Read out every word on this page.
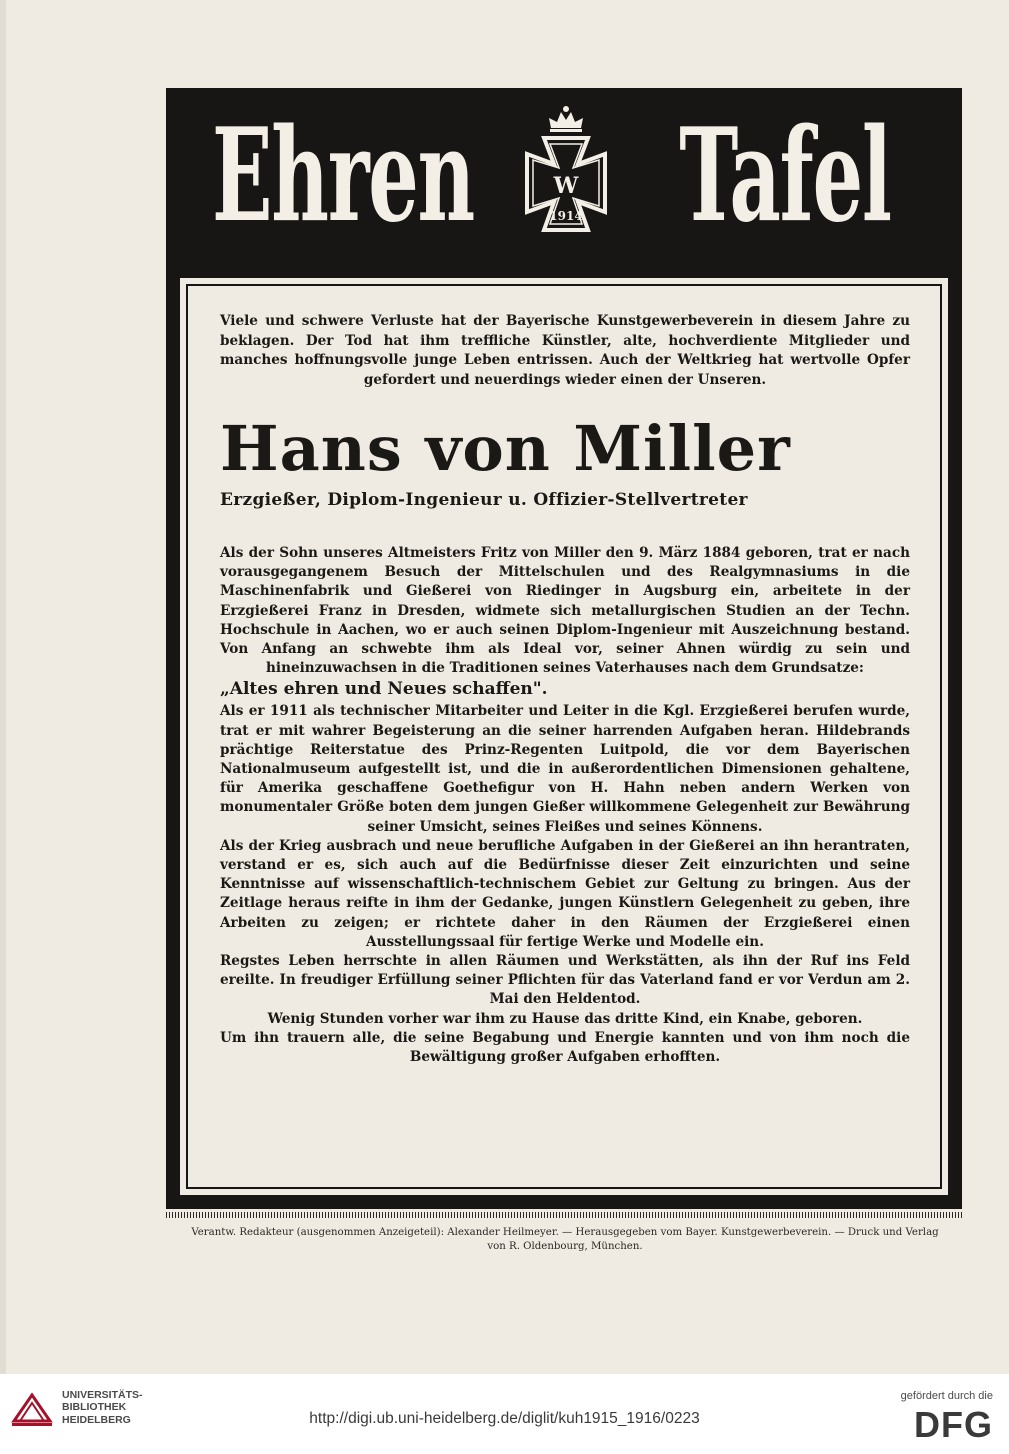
Ehren	W
1914 Tafel

Viele und schwere Verluste hat der Bayerische Kunstgewerbeverein in diesem Jahre zu beklagen. Der Tod hat ihm treffliche Künstler, alte, hochverdiente Mitglieder und manches hoffnungsvolle junge Leben entrissen. Auch der Weltkrieg hat wertvolle Opfer gefordert und neuerdings wieder einen der Unseren.

Hans von Miller
Erzgießer, Diplom-Ingenieur u. Offizier-Stellvertreter

Als der Sohn unseres Altmeisters Fritz von Miller den 9. März 1884 geboren, trat er nach vorausgegangenem Besuch der Mittelschulen und des Realgymnasiums in die Maschinenfabrik und Gießerei von Riedinger in Augsburg ein, arbeitete in der Erzgießerei Franz in Dresden, widmete sich metallurgischen Studien an der Techn. Hochschule in Aachen, wo er auch seinen Diplom-Ingenieur mit Auszeichnung bestand. Von Anfang an schwebte ihm als Ideal vor, seiner Ahnen würdig zu sein und hineinzuwachsen in die Traditionen seines Vaterhauses nach dem Grundsatze:

„Altes ehren und Neues schaffen".

Als er 1911 als technischer Mitarbeiter und Leiter in die Kgl. Erzgießerei berufen wurde, trat er mit wahrer Begeisterung an die seiner harrenden Aufgaben heran. Hildebrands prächtige Reiterstatue des Prinz-Regenten Luitpold, die vor dem Bayerischen Nationalmuseum aufgestellt ist, und die in außerordentlichen Dimensionen gehaltene, für Amerika geschaffene Goethefigur von H. Hahn neben andern Werken von monumentaler Größe boten dem jungen Gießer willkommene Gelegenheit zur Bewährung seiner Umsicht, seines Fleißes und seines Könnens.

Als der Krieg ausbrach und neue berufliche Aufgaben in der Gießerei an ihn herantraten, verstand er es, sich auch auf die Bedürfnisse dieser Zeit einzurichten und seine Kenntnisse auf wissenschaftlich-technischem Gebiet zur Geltung zu bringen. Aus der Zeitlage heraus reifte in ihm der Gedanke, jungen Künstlern Gelegenheit zu geben, ihre Arbeiten zu zeigen; er richtete daher in den Räumen der Erzgießerei einen Ausstellungssaal für fertige Werke und Modelle ein.

Regstes Leben herrschte in allen Räumen und Werkstätten, als ihn der Ruf ins Feld ereilte. In freudiger Erfüllung seiner Pflichten für das Vaterland fand er vor Verdun am 2. Mai den Heldentod.

Wenig Stunden vorher war ihm zu Hause das dritte Kind, ein Knabe, geboren.

Um ihn trauern alle, die seine Begabung und Energie kannten und von ihm noch die Bewältigung großer Aufgaben erhofften.

Verantw. Redakteur (ausgenommen Anzeigeteil): Alexander Heilmeyer. — Herausgegeben vom Bayer. Kunstgewerbeverein. — Druck und Verlag
von R. Oldenbourg, München.
UNIVERSITÄTS-
BIBLIOTHEK
HEIDELBERG	http://digi.ub.uni-heidelberg.de/diglit/kuh1915_1916/0223
gefördert durch die
DFG
